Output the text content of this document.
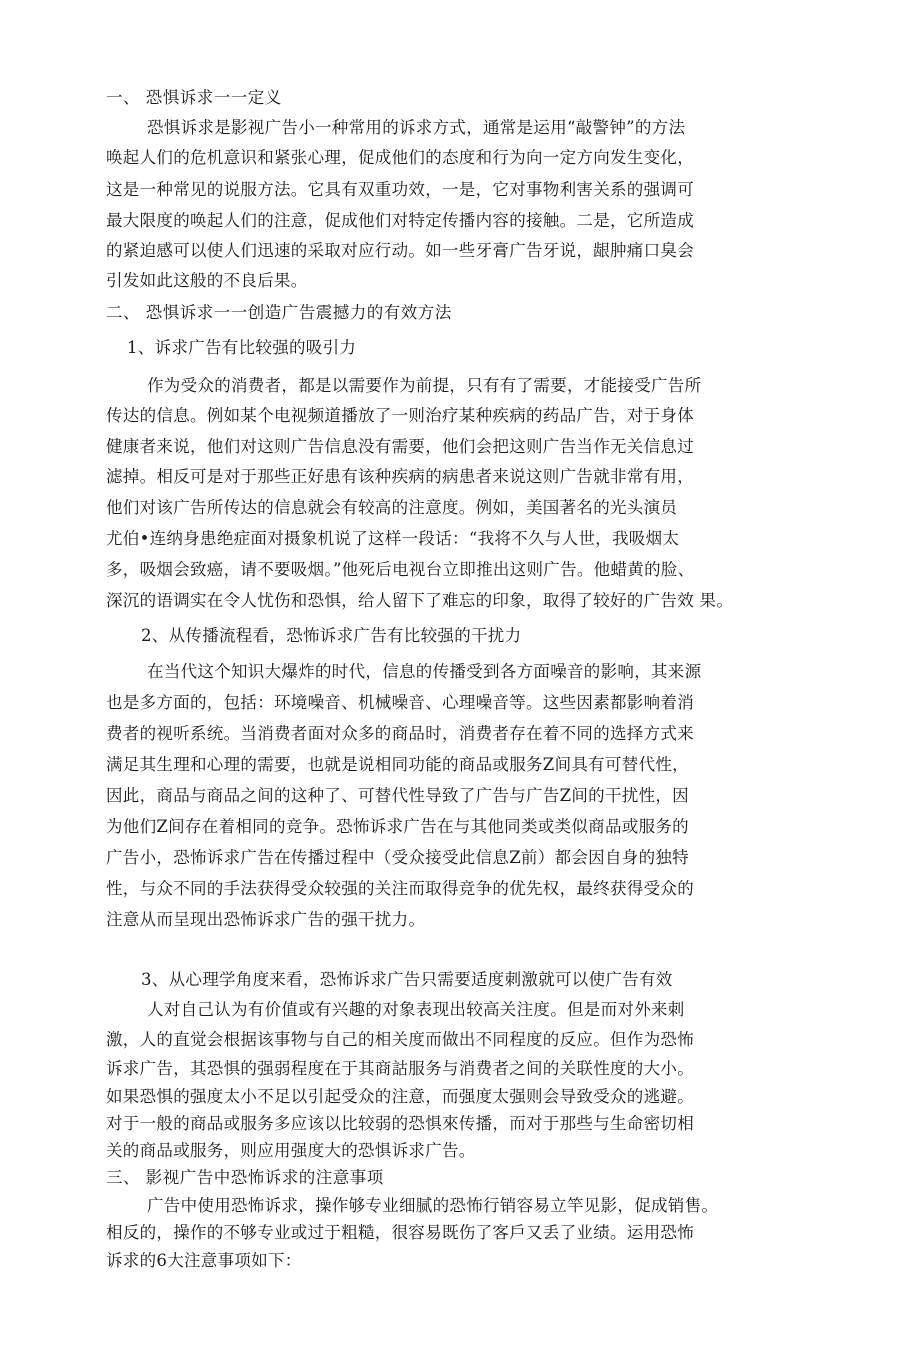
一、 恐惧诉求一一定义
恐惧诉求是影视广告小一种常用的诉求方式，通常是运用“敲警钟”的方法
唤起人们的危机意识和紧张心理，促成他们的态度和行为向一定方向发生变化，
这是一种常见的说服方法。它具有双重功效，一是，它对事物利害关系的强调可
最大限度的唤起人们的注意，促成他们对特定传播内容的接触。二是，它所造成
的紧迫感可以使人们迅速的采取对应行动。如一些牙膏广告牙说，龈肿痛口臭会
引发如此这般的不良后果。
二、 恐惧诉求一一创造广告震撼力的有效方法
1、诉求广告有比较强的吸引力
作为受众的消费者，都是以需要作为前提，只有有了需要，才能接受广告所
传达的信息。例如某个电视频道播放了一则治疗某种疾病的药品广告，对于身体
健康者来说，他们对这则广告信息没有需要，他们会把这则广告当作无关信息过
滤掉。相反可是对于那些正好患有该种疾病的病患者来说这则广告就非常有用，
他们对该广告所传达的信息就会有较高的注意度。例如，美国著名的光头演员
尤伯•连纳身患绝症面对摄象机说了这样一段话：“我将不久与人世，我吸烟太
多，吸烟会致癌，请不要吸烟。”他死后电视台立即推出这则广告。他蜡黄的脸、
深沉的语调实在令人忧伤和恐惧，给人留下了难忘的印象，取得了较好的广告效 果。
2、从传播流程看，恐怖诉求广告有比较强的干扰力
在当代这个知识大爆炸的时代，信息的传播受到各方面噪音的影响，其来源
也是多方面的，包括：环境噪音、机械噪音、心理噪音等。这些因素都影响着消
费者的视听系统。当消费者面对众多的商品时，消费者存在着不同的选择方式来
满足其生理和心理的需要，也就是说相同功能的商品或服务Z间具有可替代性，
因此，商品与商品之间的这种了、可替代性导致了广告与广告Z间的干扰性，因
为他们Z间存在着相同的竞争。恐怖诉求广告在与其他同类或类似商品或服务的
广告小，恐怖诉求广告在传播过程中（受众接受此信息Z前）都会因自身的独特
性，与众不同的手法获得受众较强的关注而取得竞争的优先权，最终获得受众的
注意从而呈现出恐怖诉求广告的强干扰力。
3、从心理学角度来看，恐怖诉求广告只需要适度刺激就可以使广告有效
人对自己认为有价值或有兴趣的对象表现出较高关注度。但是而对外来刺
激，人的直觉会根据该事物与自己的相关度而做出不同程度的反应。但作为恐怖
诉求广告，其恐惧的强弱程度在于其商詁服务与消费者之间的关联性度的大小。
如果恐惧的强度太小不足以引起受众的注意，而强度太强则会导致受众的逃避。
对于一般的商品或服务多应该以比较弱的恐惧來传播，而对于那些与生命密切相
关的商品或服务，则应用强度大的恐惧诉求广告。
三、 影视广告中恐怖诉求的注意事项
广告中使用恐怖诉求，操作够专业细腻的恐怖行销容易立竿见影，促成销售。
相反的，操作的不够专业或过于粗糙，很容易既伤了客戶又丢了业绩。运用恐怖
诉求的6大注意事项如下：
